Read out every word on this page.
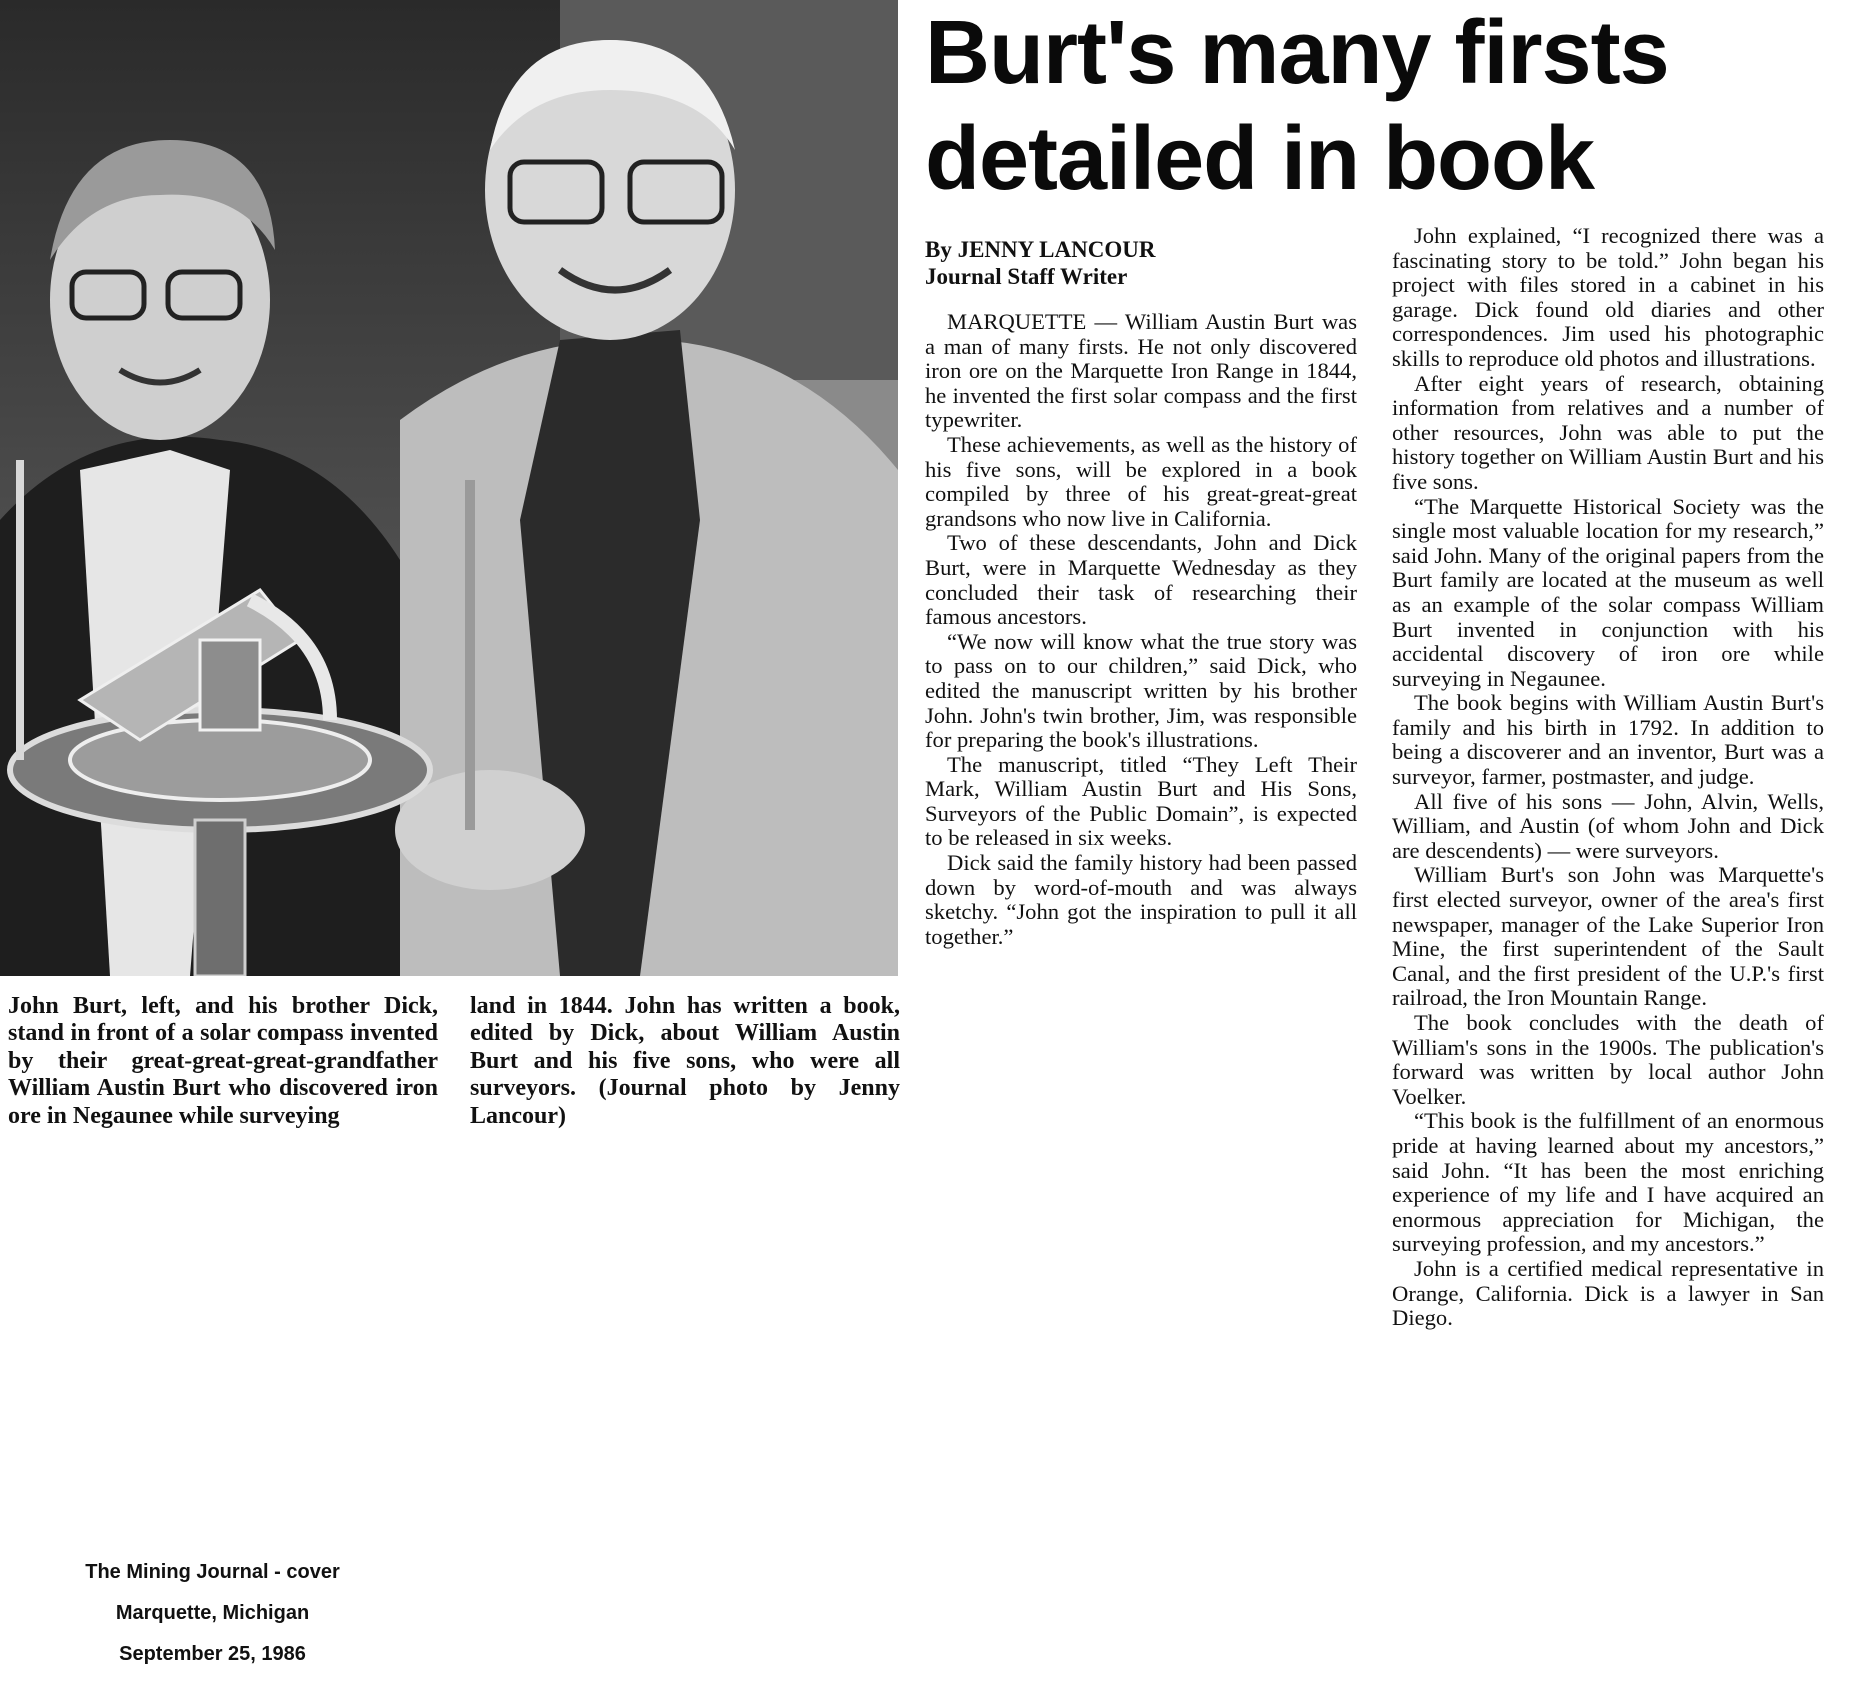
Burt's many firsts detailed in book
By JENNY LANCOUR
Journal Staff Writer

MARQUETTE — William Austin Burt was a man of many firsts. He not only discovered iron ore on the Marquette Iron Range in 1844, he invented the first solar compass and the first typewriter.

These achievements, as well as the history of his five sons, will be explored in a book compiled by three of his great-great-great grandsons who now live in California.

Two of these descendants, John and Dick Burt, were in Marquette Wednesday as they concluded their task of researching their famous ancestors.

“We now will know what the true story was to pass on to our children,” said Dick, who edited the manuscript written by his brother John. John's twin brother, Jim, was responsible for preparing the book's illustrations.

The manuscript, titled “They Left Their Mark, William Austin Burt and His Sons, Surveyors of the Public Domain”, is expected to be released in six weeks.

Dick said the family history had been passed down by word-of-mouth and was always sketchy. “John got the inspiration to pull it all together.”

John explained, “I recognized there was a fascinating story to be told.” John began his project with files stored in a cabinet in his garage. Dick found old diaries and other correspondences. Jim used his photographic skills to reproduce old photos and illustrations.

After eight years of research, obtaining information from relatives and a number of other resources, John was able to put the history together on William Austin Burt and his five sons.

“The Marquette Historical Society was the single most valuable location for my research,” said John. Many of the original papers from the Burt family are located at the museum as well as an example of the solar compass William Burt invented in conjunction with his accidental discovery of iron ore while surveying in Negaunee.

The book begins with William Austin Burt's family and his birth in 1792. In addition to being a discoverer and an inventor, Burt was a surveyor, farmer, postmaster, and judge.

All five of his sons — John, Alvin, Wells, William, and Austin (of whom John and Dick are descendents) — were surveyors.

William Burt's son John was Marquette's first elected surveyor, owner of the area's first newspaper, manager of the Lake Superior Iron Mine, the first superintendent of the Sault Canal, and the first president of the U.P.'s first railroad, the Iron Mountain Range.

The book concludes with the death of William's sons in the 1900s. The publication's forward was written by local author John Voelker.

“This book is the fulfillment of an enormous pride at having learned about my ancestors,” said John. “It has been the most enriching experience of my life and I have acquired an enormous appreciation for Michigan, the surveying profession, and my ancestors.”

John is a certified medical representative in Orange, California. Dick is a lawyer in San Diego.

John Burt, left, and his brother Dick, stand in front of a solar compass invented by their great-great-great-grandfather William Austin Burt who discovered iron ore in Negaunee while surveying
land in 1844. John has written a book, edited by Dick, about William Austin Burt and his five sons, who were all surveyors. (Journal photo by Jenny Lancour)
The Mining Journal - cover
Marquette, Michigan
September 25, 1986
